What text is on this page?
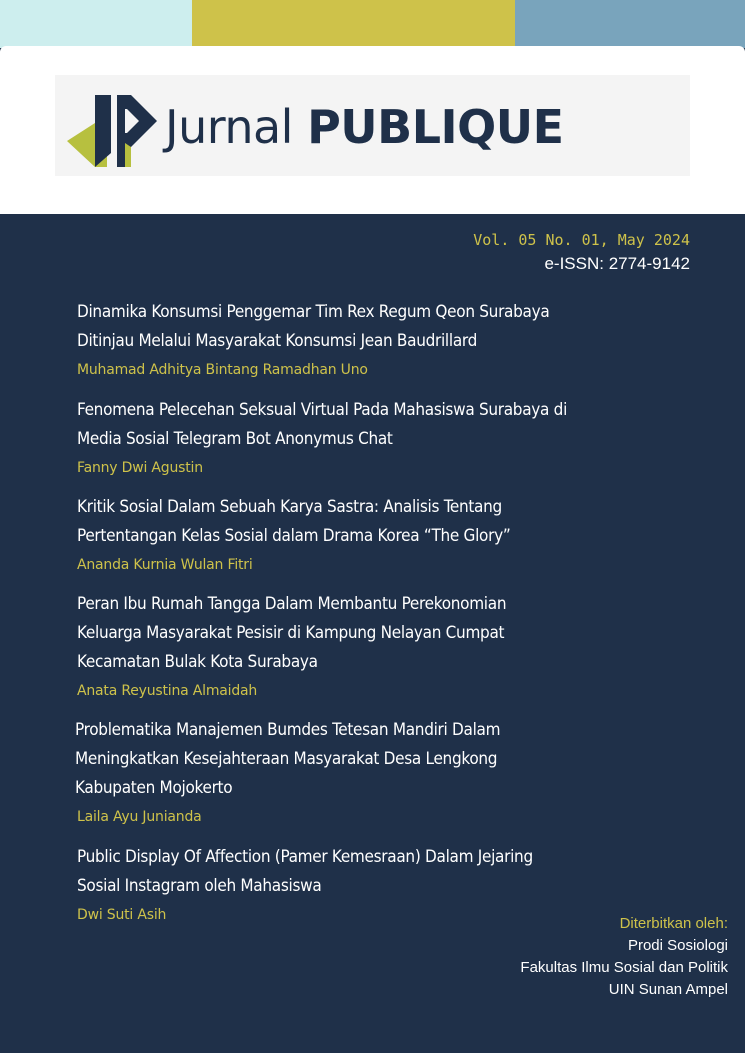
Jurnal PUBLIQUE
Vol. 05 No. 01, May 2024
e-ISSN: 2774-9142
Dinamika Konsumsi Penggemar Tim Rex Regum Qeon Surabaya
Ditinjau Melalui Masyarakat Konsumsi Jean Baudrillard
Muhamad Adhitya Bintang Ramadhan Uno
Fenomena Pelecehan Seksual Virtual Pada Mahasiswa Surabaya di
Media Sosial Telegram Bot Anonymus Chat
Fanny Dwi Agustin
Kritik Sosial Dalam Sebuah Karya Sastra: Analisis Tentang
Pertentangan Kelas Sosial dalam Drama Korea “The Glory”
Ananda Kurnia Wulan Fitri
Peran Ibu Rumah Tangga Dalam Membantu Perekonomian
Keluarga Masyarakat Pesisir di Kampung Nelayan Cumpat
Kecamatan Bulak Kota Surabaya
Anata Reyustina Almaidah
Problematika Manajemen Bumdes Tetesan Mandiri Dalam
Meningkatkan Kesejahteraan Masyarakat Desa Lengkong
Kabupaten Mojokerto
Laila Ayu Junianda
Public Display Of Affection (Pamer Kemesraan) Dalam Jejaring
Sosial Instagram oleh Mahasiswa
Dwi Suti Asih	Diterbitkan oleh:
Prodi Sosiologi
Fakultas Ilmu Sosial dan Politik
UIN Sunan Ampel
